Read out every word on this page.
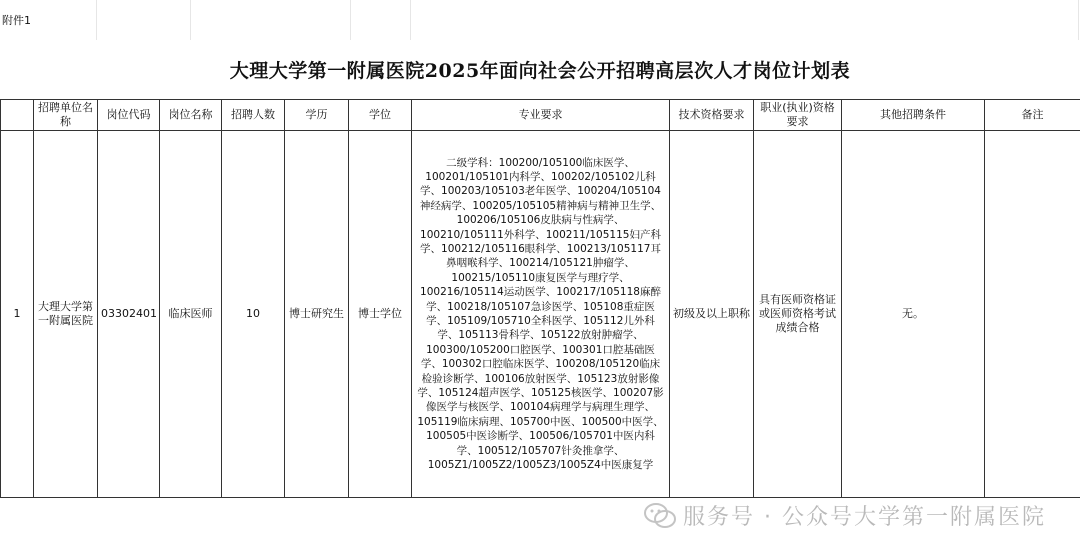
附件1
大理大学第一附属医院2025年面向社会公开招聘高层次人才岗位计划表
	招聘单位名称	岗位代码	岗位名称	招聘人数	学历	学位	专业要求	技术资格要求	职业(执业)资格要求	其他招聘条件	备注
1	大理大学第一附属医院	03302401	临床医师	10	博士研究生	博士学位	二级学科：100200/105100临床医学、100201/105101内科学、100202/105102儿科学、100203/105103老年医学、100204/105104神经病学、100205/105105精神病与精神卫生学、100206/105106皮肤病与性病学、100210/105111外科学、100211/105115妇产科学、100212/105116眼科学、100213/105117耳鼻咽喉科学、100214/105121肿瘤学、100215/105110康复医学与理疗学、100216/105114运动医学、100217/105118麻醉学、100218/105107急诊医学、105108重症医学、105109/105710全科医学、105112儿外科学、105113骨科学、105122放射肿瘤学、100300/105200口腔医学、100301口腔基础医学、100302口腔临床医学、100208/105120临床检验诊断学、100106放射医学、105123放射影像学、105124超声医学、105125核医学、100207影像医学与核医学、100104病理学与病理生理学、105119临床病理、105700中医、100500中医学、100505中医诊断学、100506/105701中医内科学、100512/105707针灸推拿学、1005Z1/1005Z2/1005Z3/1005Z4中医康复学	初级及以上职称	具有医师资格证或医师资格考试成绩合格	无。	
服务号 · 公众号大学第一附属医院
